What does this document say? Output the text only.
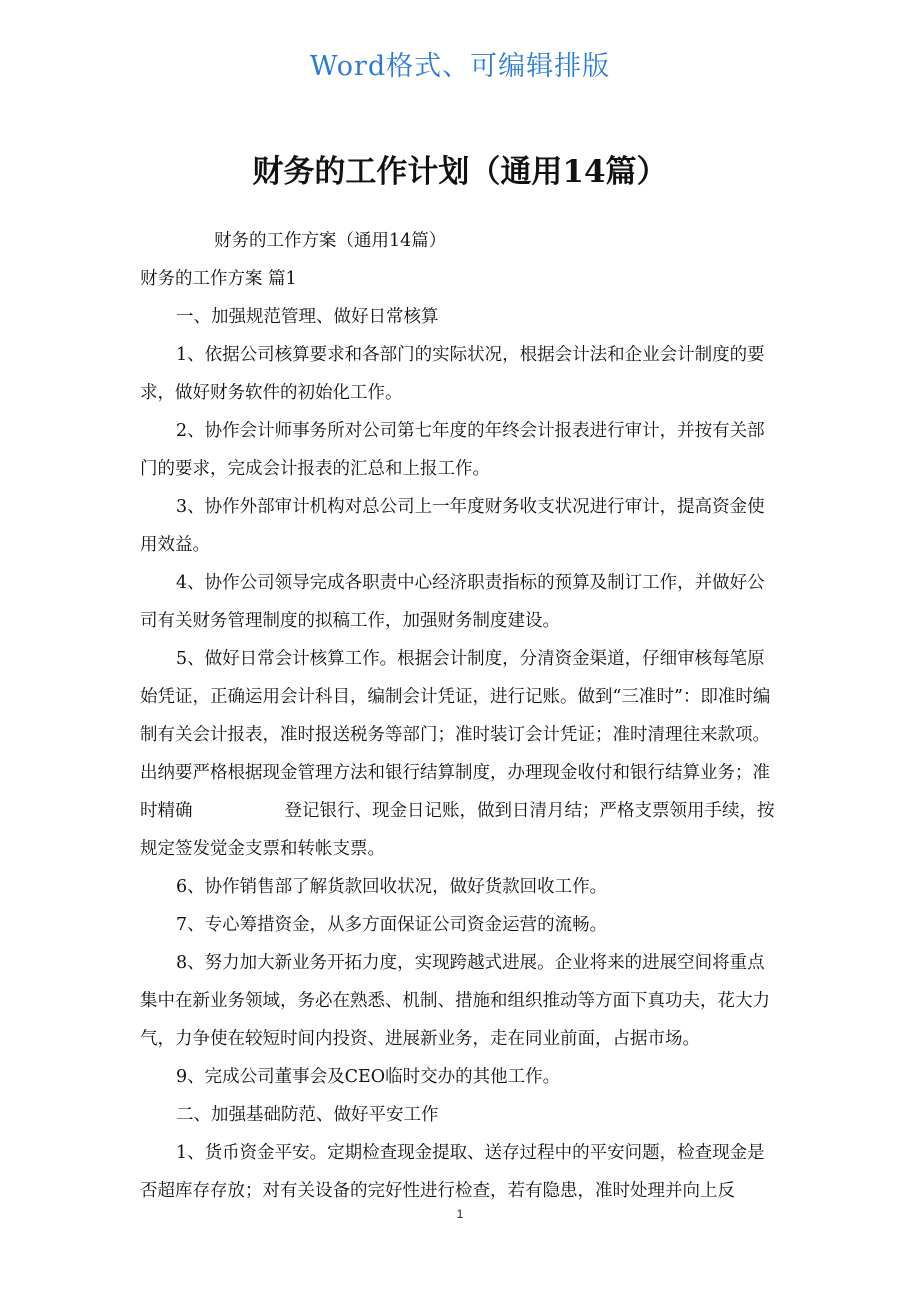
Word格式、可编辑排版
财务的工作计划（通用14篇）

财务的工作方案（通用14篇）

财务的工作方案 篇1

一、加强规范管理、做好日常核算

1、依据公司核算要求和各部门的实际状况，根据会计法和企业会计制度的要求，做好财务软件的初始化工作。

2、协作会计师事务所对公司第七年度的年终会计报表进行审计，并按有关部门的要求，完成会计报表的汇总和上报工作。

3、协作外部审计机构对总公司上一年度财务收支状况进行审计，提高资金使用效益。

4、协作公司领导完成各职责中心经济职责指标的预算及制订工作，并做好公司有关财务管理制度的拟稿工作，加强财务制度建设。

5、做好日常会计核算工作。根据会计制度，分清资金渠道，仔细审核每笔原始凭证，正确运用会计科目，编制会计凭证，进行记账。做到“三准时”：即准时编制有关会计报表，准时报送税务等部门；准时装订会计凭证；准时清理往来款项。出纳要严格根据现金管理方法和银行结算制度，办理现金收付和银行结算业务；准时精确	登记银行、现金日记账，做到日清月结；严格支票领用手续，按规定签发觉金支票和转帐支票。

6、协作销售部了解货款回收状况，做好货款回收工作。

7、专心筹措资金，从多方面保证公司资金运营的流畅。

8、努力加大新业务开拓力度，实现跨越式进展。企业将来的进展空间将重点集中在新业务领域，务必在熟悉、机制、措施和组织推动等方面下真功夫，花大力气，力争使在较短时间内投资、进展新业务，走在同业前面，占据市场。

9、完成公司董事会及CEO临时交办的其他工作。

二、加强基础防范、做好平安工作

1、货币资金平安。定期检查现金提取、送存过程中的平安问题，检查现金是否超库存存放；对有关设备的完好性进行检查，若有隐患，准时处理并向上反

1
